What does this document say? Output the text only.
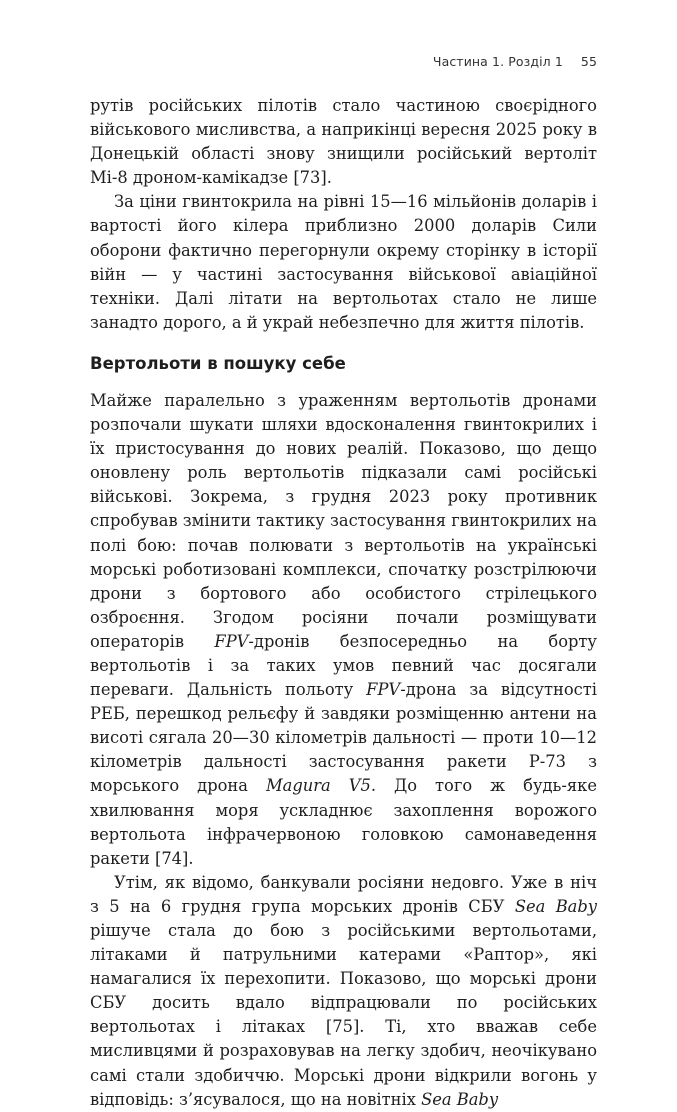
Частина 1. Розділ 1 55

рутів російських пілотів стало частиною своєрідного військового мисливства, а наприкінці вересня 2025 року в Донецькій області знову знищили російський вертоліт Мі-8 дроном-камікадзе [73].

За ціни гвинтокрила на рівні 15—16 мільйонів доларів і вартості його кілера приблизно 2000 доларів Сили оборони фактично перегорнули окрему сторінку в історії війн — у частині застосування військової авіаційної техніки. Далі літати на вертольотах стало не лише занадто дорого, а й украй небезпечно для життя пілотів.

Вертольоти в пошуку себе

Майже паралельно з ураженням вертольотів дронами розпочали шукати шляхи вдосконалення гвинтокрилих і їх пристосування до нових реалій. Показово, що дещо оновлену роль вертольотів підказали самі російські військові. Зокрема, з грудня 2023 року противник спробував змінити тактику застосування гвинтокрилих на полі бою: почав полювати з вертольотів на українські морські роботизовані комплекси, спочатку розстрілюючи дрони з бортового або особистого стрілецького озброєння. Згодом росіяни почали розміщувати операторів FPV-дронів безпосередньо на борту вертольотів і за таких умов певний час досягали переваги. Дальність польоту FPV-дрона за відсутності РЕБ, перешкод рельєфу й завдяки розміщенню антени на висоті сягала 20—30 кілометрів дальності — проти 10—12 кілометрів дальності застосування ракети Р-73 з морського дрона Magura V5. До того ж будь-яке хвилювання моря ускладнює захоплення ворожого вертольота інфрачервоною головкою самонаведення ракети [74].

Утім, як відомо, банкували росіяни недовго. Уже в ніч з 5 на 6 грудня група морських дронів СБУ Sea Baby рішуче стала до бою з російськими вертольотами, літаками й патрульними катерами «Раптор», які намагалися їх перехопити. Показово, що морські дрони СБУ досить вдало відпрацювали по російських вертольотах і літаках [75]. Ті, хто вважав себе мисливцями й розраховував на легку здобич, неочікувано самі стали здобиччю. Морські дрони відкрили вогонь у відповідь: з’ясувалося, що на новітніх Sea Baby
